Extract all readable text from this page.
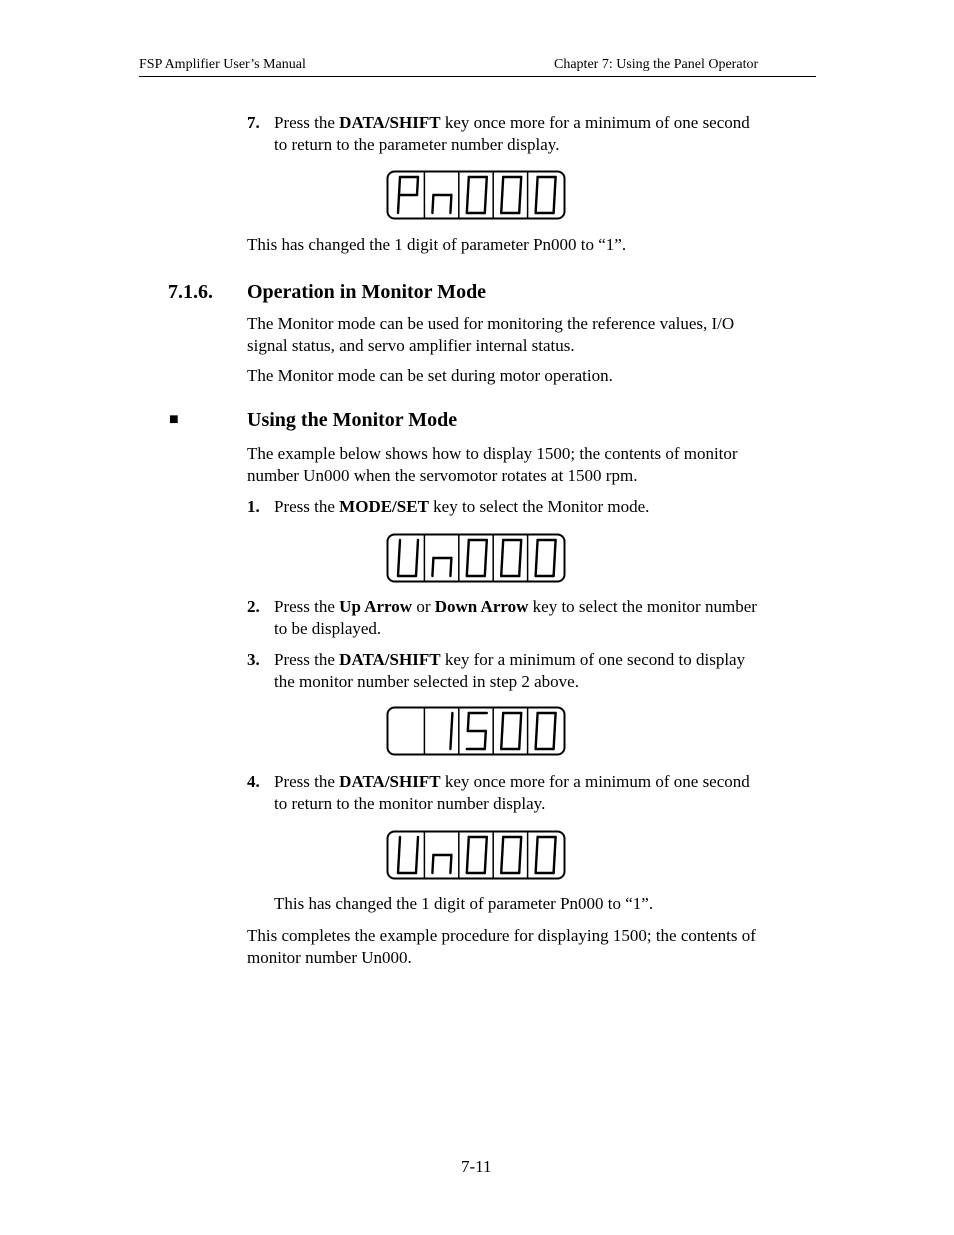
FSP Amplifier User’s Manual	Chapter 7: Using the Panel Operator
7. Press the DATA/SHIFT key once more for a minimum of one second
to return to the parameter number display.
This has changed the 1 digit of parameter Pn000 to “1”.
7.1.6. Operation in Monitor Mode
The Monitor mode can be used for monitoring the reference values, I/O
signal status, and servo amplifier internal status.
The Monitor mode can be set during motor operation.
■	Using the Monitor Mode
The example below shows how to display 1500; the contents of monitor
number Un000 when the servomotor rotates at 1500 rpm.
1. Press the MODE/SET key to select the Monitor mode.
2. Press the Up Arrow or Down Arrow key to select the monitor number
to be displayed.
3. Press the DATA/SHIFT key for a minimum of one second to display
the monitor number selected in step 2 above.
4. Press the DATA/SHIFT key once more for a minimum of one second
to return to the monitor number display.
This has changed the 1 digit of parameter Pn000 to “1”.
This completes the example procedure for displaying 1500; the contents of
monitor number Un000.
7-11
